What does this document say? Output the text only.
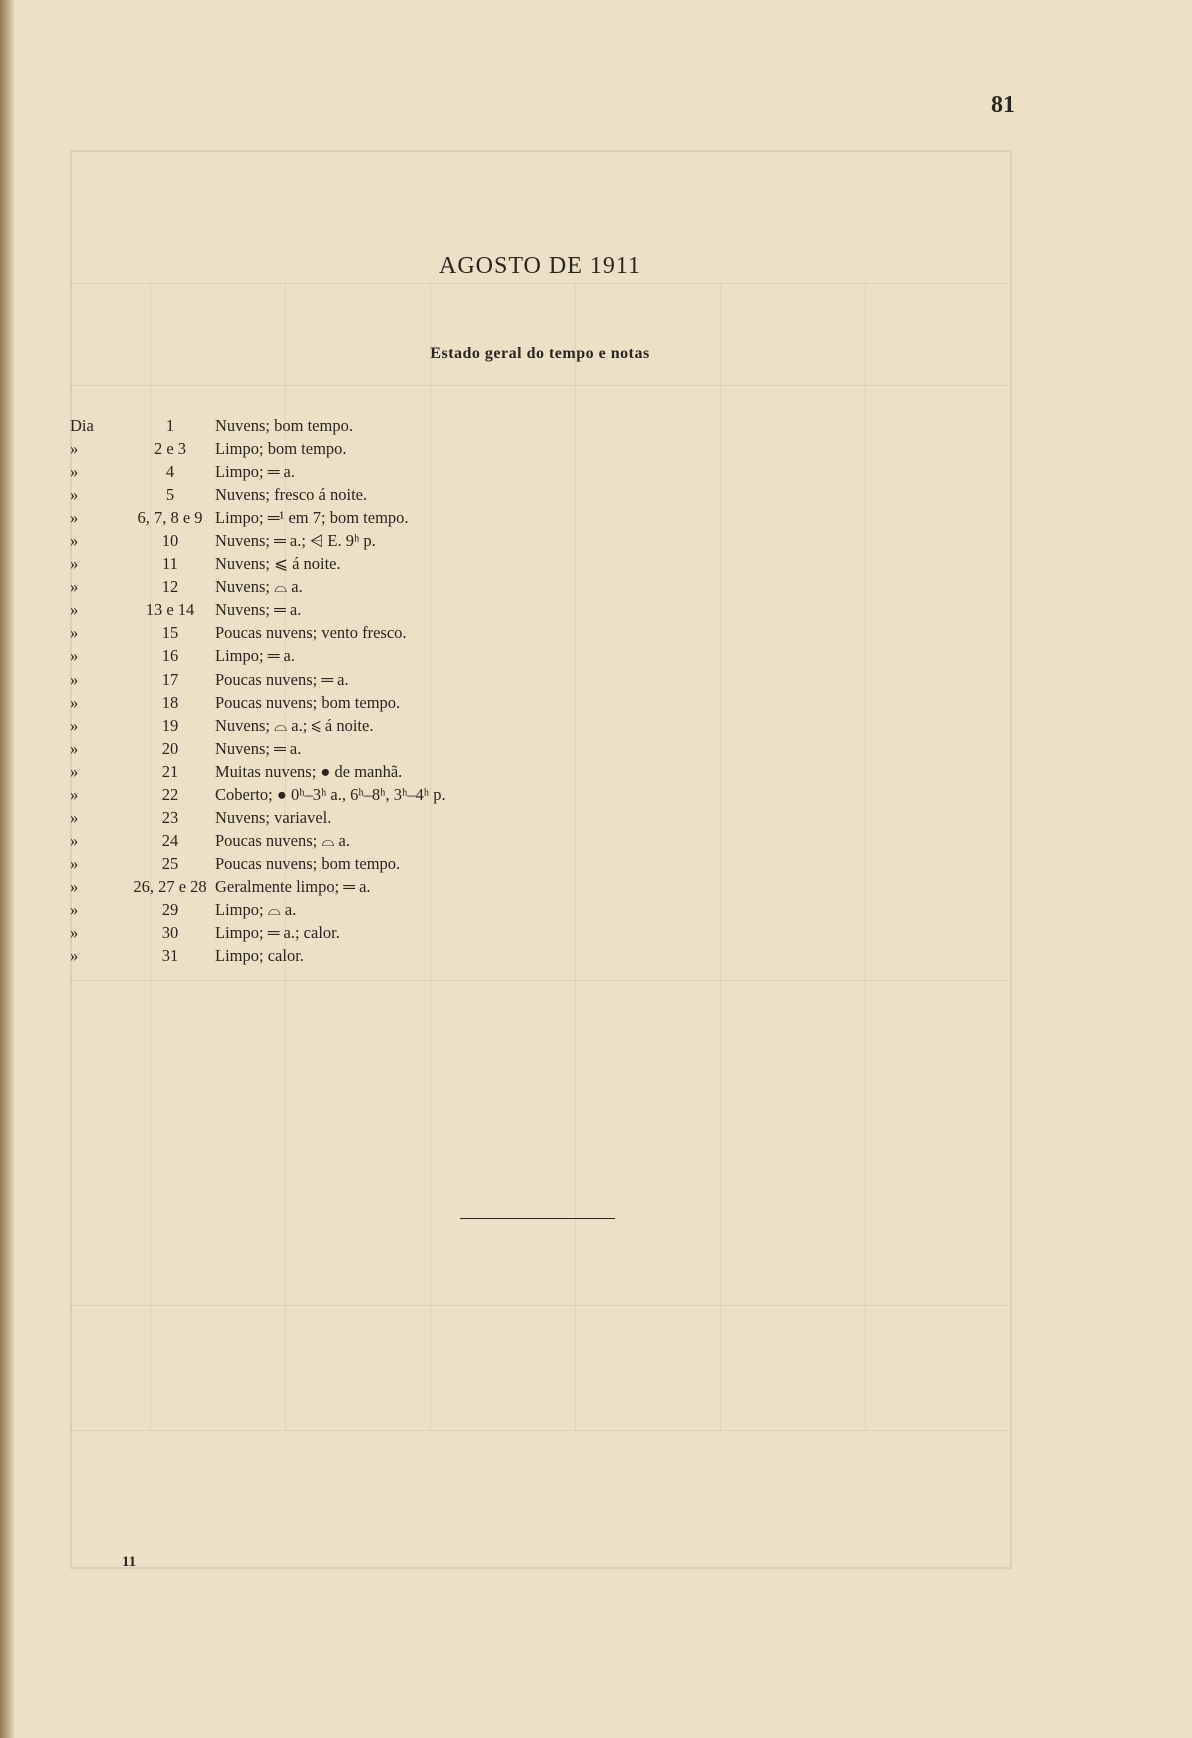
81
AGOSTO DE 1911
Estado geral do tempo e notas
Dia	1	Nuvens; bom tempo.
»	2 e 3	Limpo; bom tempo.
»	4	Limpo; ═ a.
»	5	Nuvens; fresco á noite.
»	6, 7, 8 e 9 Limpo; ═¹ em 7; bom tempo.
»	10	Nuvens; ═ a.; ⩤ E. 9ʰ p.
»	11	Nuvens; ⩽ á noite.
»	12	Nuvens; ⌓ a.
»	13 e 14	Nuvens; ═ a.
»	15	Poucas nuvens; vento fresco.
»	16	Limpo; ═ a.
»	17	Poucas nuvens; ═ a.
»	18	Poucas nuvens; bom tempo.
»	19	Nuvens; ⌓ a.; ⩽ á noite.
»	20	Nuvens; ═ a.
»	21	Muitas nuvens; ● de manhã.
»	22	Coberto; ● 0ʰ–3ʰ a., 6ʰ–8ʰ, 3ʰ–4ʰ p.
»	23	Nuvens; variavel.
»	24	Poucas nuvens; ⌓ a.
»	25	Poucas nuvens; bom tempo.
»	26, 27 e 28 Geralmente limpo; ═ a.
»	29	Limpo; ⌓ a.
»	30	Limpo; ═ a.; calor.
»	31	Limpo; calor.
11
